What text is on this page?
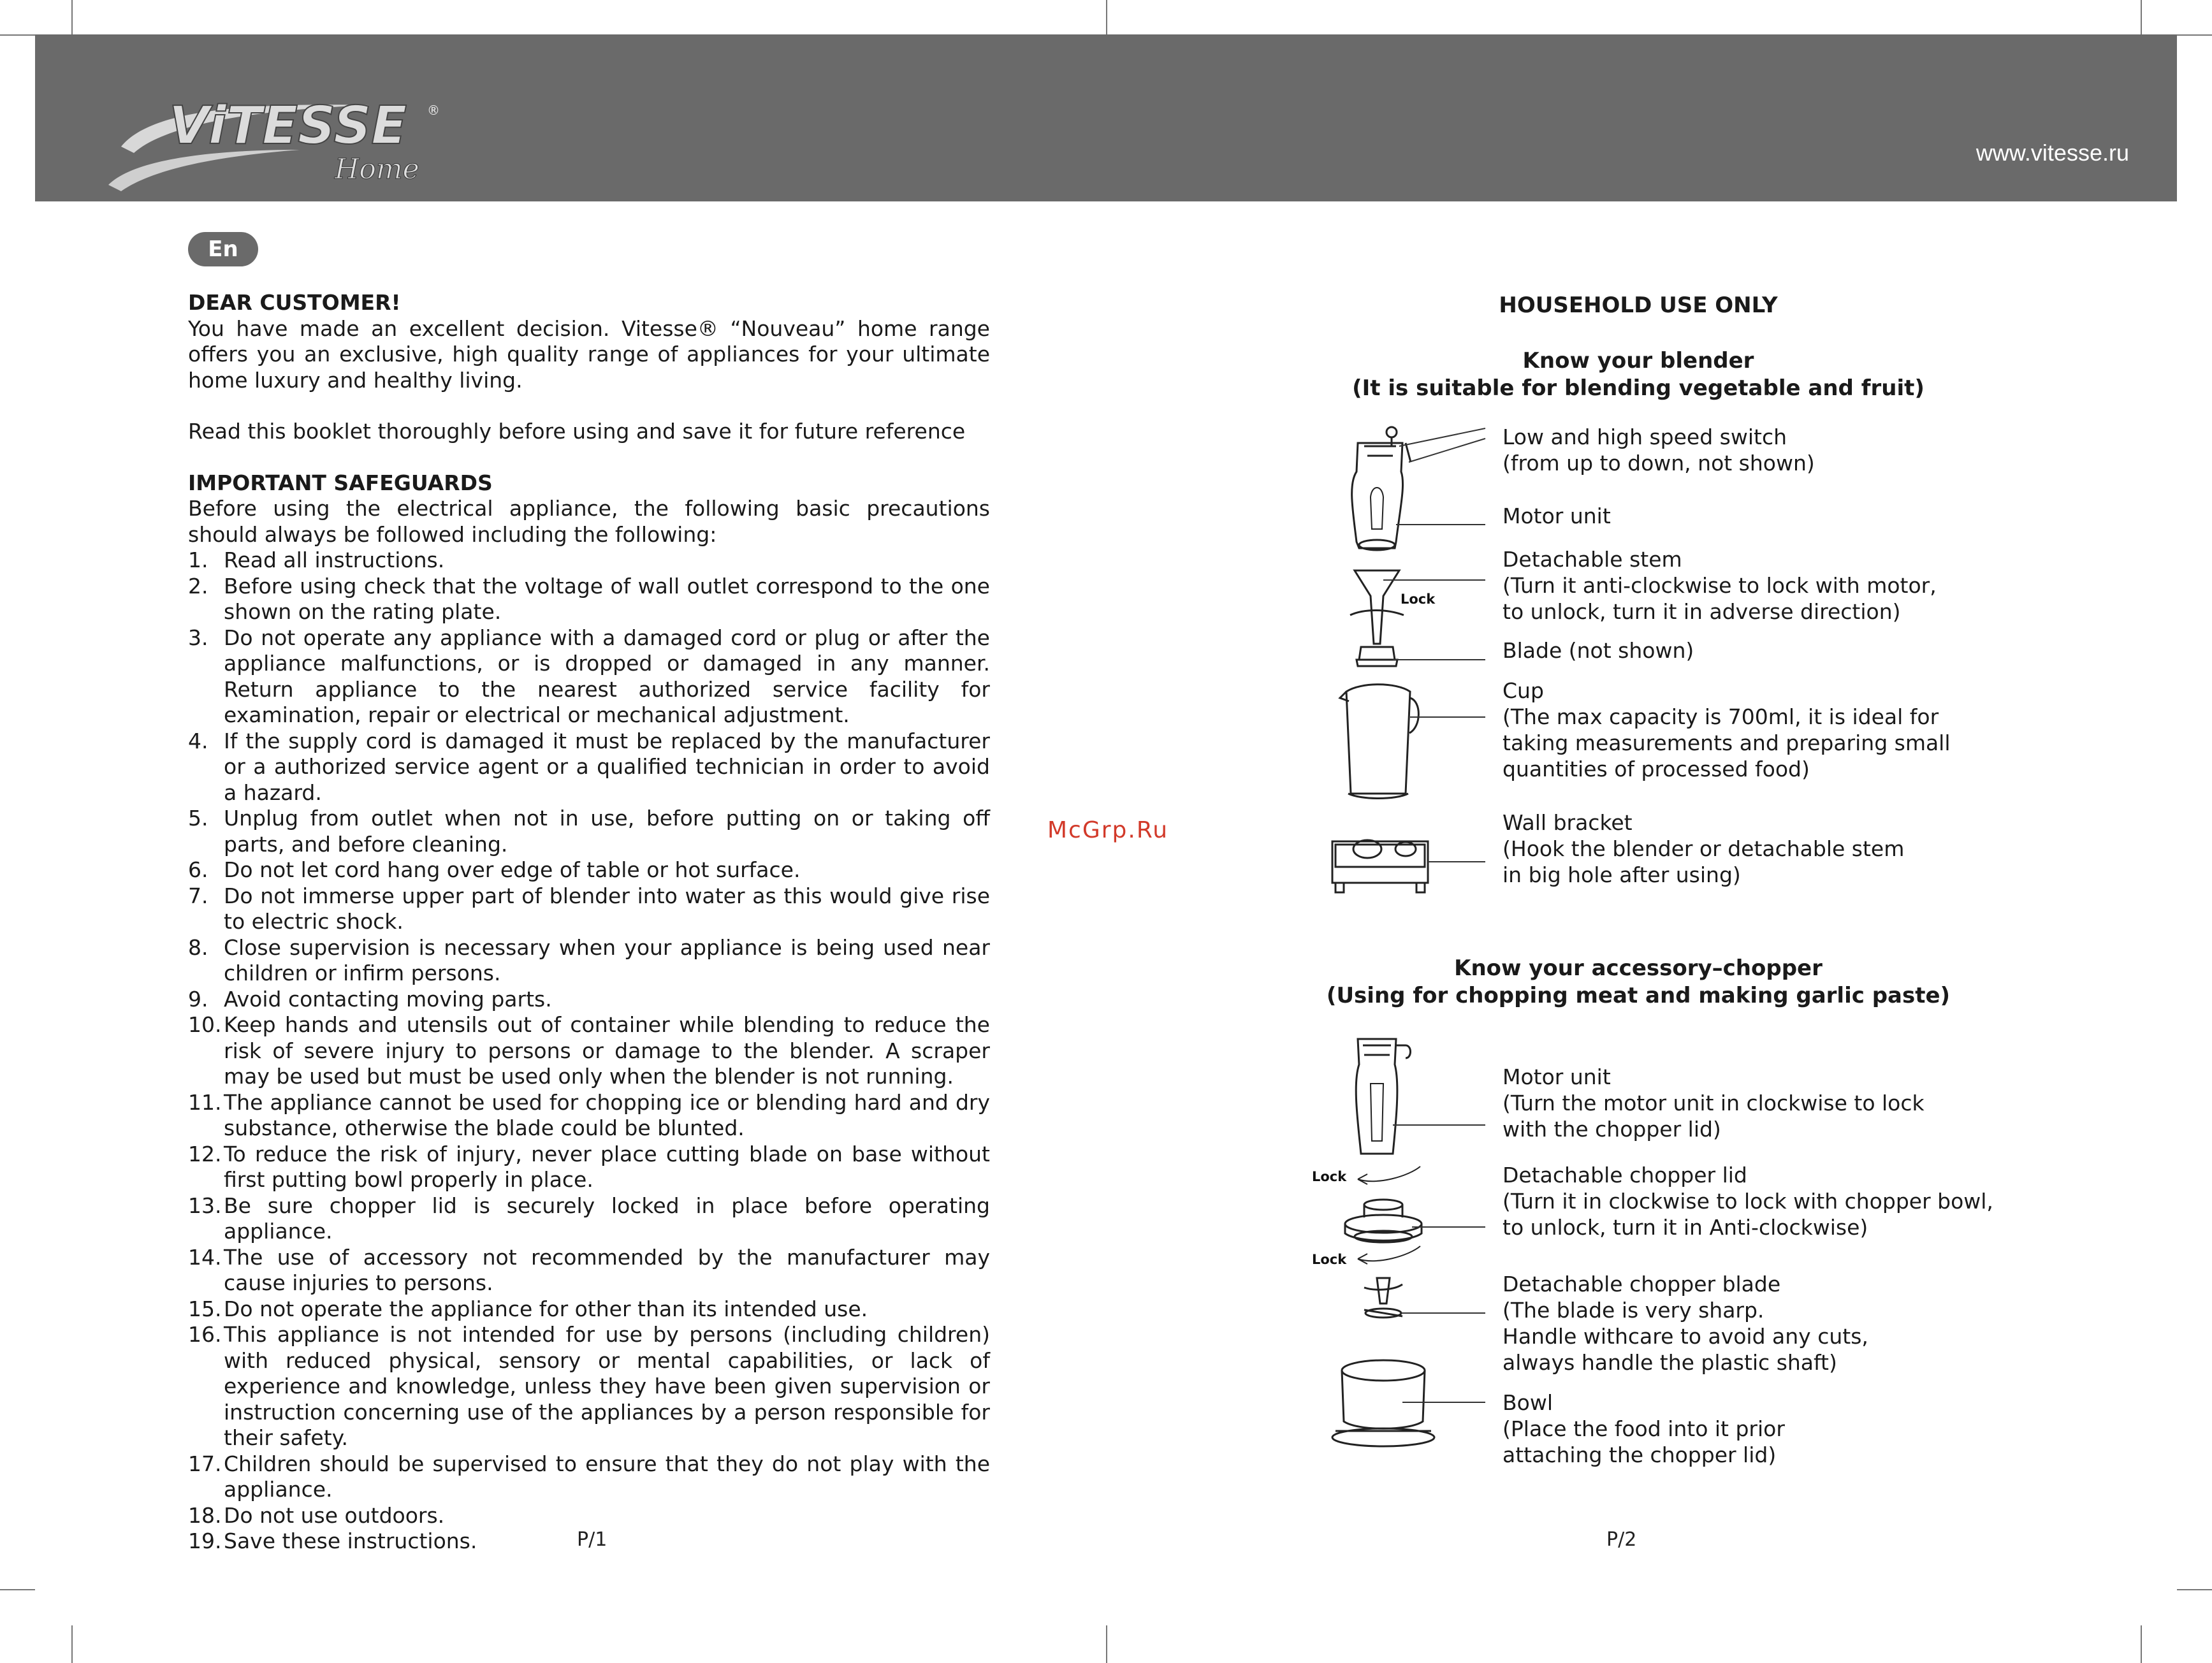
www.vitesse.ru
ViTESSE ®
Home
En

DEAR CUSTOMER!

You have made an excellent decision. Vitesse® “Nouveau” home range offers you an exclusive, high quality range of appliances for your ultimate home luxury and healthy living.

Read this booklet thoroughly before using and save it for future reference

IMPORTANT SAFEGUARDS

Before using the electrical appliance, the following basic precautions should always be followed including the following:

1. Read all instructions.
2. Before using check that the voltage of wall outlet correspond to the one shown on the rating plate.
3. Do not operate any appliance with a damaged cord or plug or after the appliance malfunctions, or is dropped or damaged in any manner. Return appliance to the nearest authorized service facility for examination, repair or electrical or mechanical adjustment.
4. If the supply cord is damaged it must be replaced by the manufacturer or a authorized service agent or a qualified technician in order to avoid a hazard.
5. Unplug from outlet when not in use, before putting on or taking off parts, and before cleaning.
6. Do not let cord hang over edge of table or hot surface.
7. Do not immerse upper part of blender into water as this would give rise to electric shock.
8. Close supervision is necessary when your appliance is being used near children or infirm persons.
9. Avoid contacting moving parts.
10. Keep hands and utensils out of container while blending to reduce the risk of severe injury to persons or damage to the blender. A scraper may be used but must be used only when the blender is not running.
11. The appliance cannot be used for chopping ice or blending hard and dry substance, otherwise the blade could be blunted.
12. To reduce the risk of injury, never place cutting blade on base without first putting bowl properly in place.
13. Be sure chopper lid is securely locked in place before operating appliance.
14. The use of accessory not recommended by the manufacturer may cause injuries to persons.
15. Do not operate the appliance for other than its intended use.
16. This appliance is not intended for use by persons (including children) with reduced physical, sensory or mental capabilities, or lack of experience and knowledge, unless they have been given supervision or instruction concerning use of the appliances by a person responsible for their safety.
17. Children should be supervised to ensure that they do not play with the appliance.
18. Do not use outdoors.
19. Save these instructions.	P/1
McGrp.Ru
HOUSEHOLD USE ONLY
Know your blender
(It is suitable for blending vegetable and fruit)
Know your accessory–chopper
(Using for chopping meat and making garlic paste)
Low and high speed switch
(from up to down, not shown)
Motor unit
Detachable stem
(Turn it anti-clockwise to lock with motor,
to unlock, turn it in adverse direction)
Blade (not shown)
Cup
(The max capacity is 700ml, it is ideal for
taking measurements and preparing small
quantities of processed food)
Wall bracket
(Hook the blender or detachable stem
in big hole after using)
Motor unit
(Turn the motor unit in clockwise to lock
with the chopper lid)
Detachable chopper lid
(Turn it in clockwise to lock with chopper bowl,
to unlock, turn it in Anti-clockwise)
Detachable chopper blade
(The blade is very sharp.
Handle withcare to avoid any cuts,
always handle the plastic shaft)
Bowl
(Place the food into it prior
attaching the chopper lid)
Lock
Lock
Lock
P/2
